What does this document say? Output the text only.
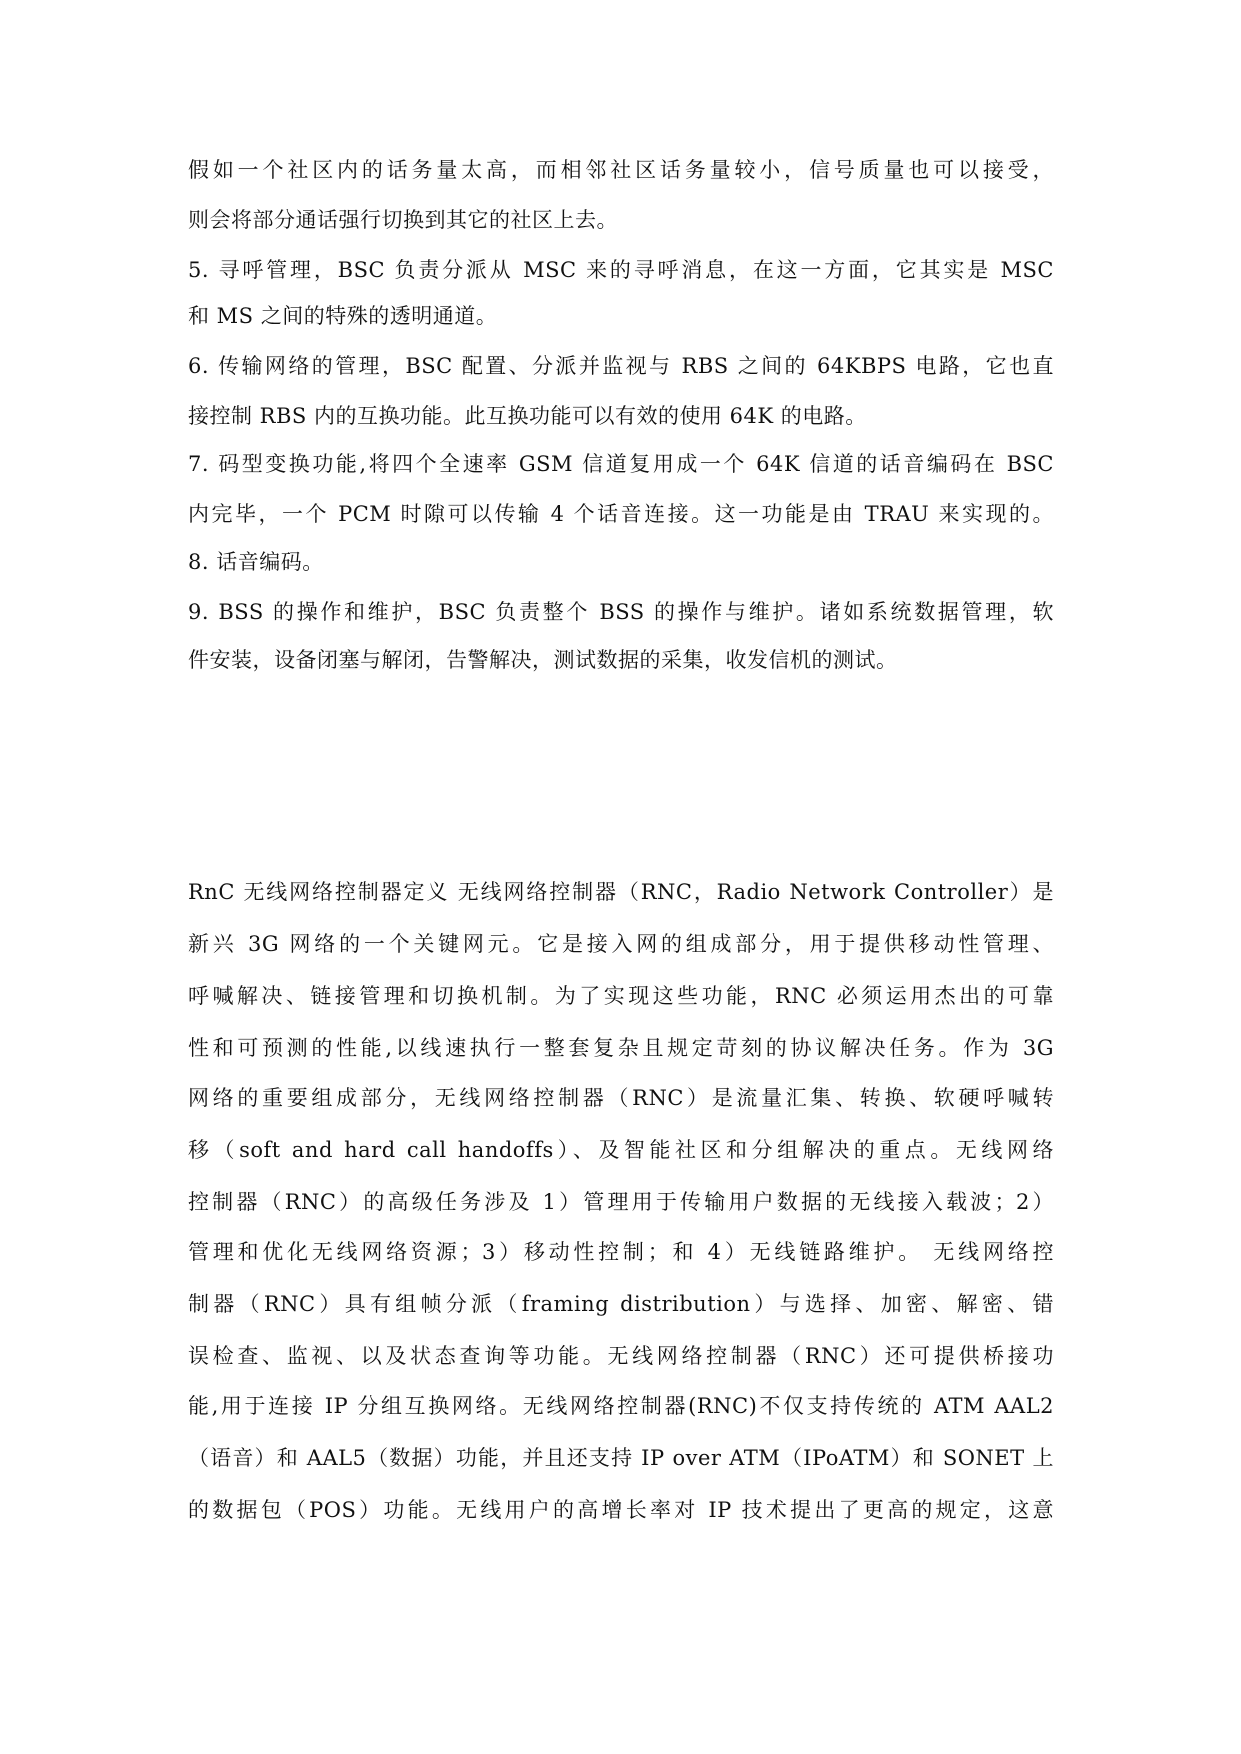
假如一个社区内的话务量太高，而相邻社区话务量较小，信号质量也可以接受，
则会将部分通话强行切换到其它的社区上去。
5. 寻呼管理，BSC 负责分派从 MSC 来的寻呼消息，在这一方面，它其实是 MSC
和 MS 之间的特殊的透明通道。
6. 传输网络的管理，BSC 配置、分派并监视与 RBS 之间的 64KBPS 电路，它也直
接控制 RBS 内的互换功能。此互换功能可以有效的使用 64K 的电路。
7. 码型变换功能,将四个全速率 GSM 信道复用成一个 64K 信道的话音编码在 BSC
内完毕，一个 PCM 时隙可以传输 4 个话音连接。这一功能是由 TRAU 来实现的。
8. 话音编码。
9. BSS 的操作和维护，BSC 负责整个 BSS 的操作与维护。诸如系统数据管理，软
件安装，设备闭塞与解闭，告警解决，测试数据的采集，收发信机的测试。
RnC 无线网络控制器定义 无线网络控制器（RNC，Radio Network Controller）是
新兴 3G 网络的一个关键网元。它是接入网的组成部分，用于提供移动性管理、
呼喊解决、链接管理和切换机制。为了实现这些功能，RNC 必须运用杰出的可靠
性和可预测的性能,以线速执行一整套复杂且规定苛刻的协议解决任务。作为 3G
网络的重要组成部分，无线网络控制器（RNC）是流量汇集、转换、软硬呼喊转
移（soft and hard call handoffs）、及智能社区和分组解决的重点。无线网络
控制器（RNC）的高级任务涉及 1）管理用于传输用户数据的无线接入载波；2）
管理和优化无线网络资源；3）移动性控制；和 4）无线链路维护。 无线网络控
制器（RNC）具有组帧分派（framing distribution）与选择、加密、解密、错
误检查、监视、以及状态查询等功能。无线网络控制器（RNC）还可提供桥接功
能,用于连接 IP 分组互换网络。无线网络控制器(RNC)不仅支持传统的 ATM AAL2
（语音）和 AAL5（数据）功能，并且还支持 IP over ATM（IPoATM）和 SONET 上
的数据包（POS）功能。无线用户的高增长率对 IP 技术提出了更高的规定，这意
